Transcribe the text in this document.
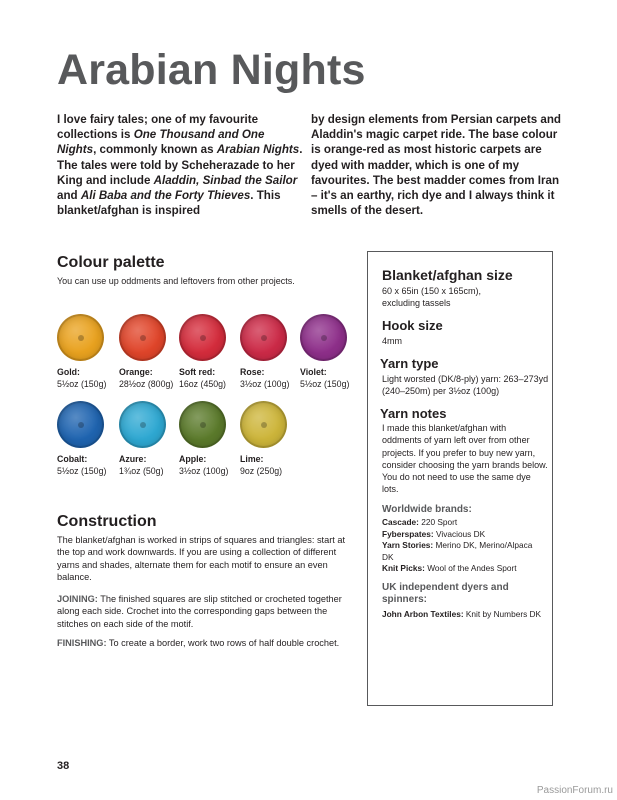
Arabian Nights

I love fairy tales; one of my favourite collections is One Thousand and One Nights, commonly known as Arabian Nights. The tales were told by Scheherazade to her King and include Aladdin, Sinbad the Sailor and Ali Baba and the Forty Thieves. This blanket/afghan is inspired

by design elements from Persian carpets and Aladdin's magic carpet ride. The base colour is orange-red as most historic carpets are dyed with madder, which is one of my favourites. The best madder comes from Iran – it's an earthy, rich dye and I always think it smells of the desert.

Colour palette
You can use up oddments and leftovers from other projects.
Gold:
5½oz (150g)
Orange:
28½oz (800g)
Soft red:
16oz (450g)
Rose:
3½oz (100g)
Violet:
5½oz (150g)
Cobalt:
5½oz (150g)
Azure:
1¾oz (50g)
Apple:
3½oz (100g)
Lime:
9oz (250g)
Construction
The blanket/afghan is worked in strips of squares and triangles: start at the top and work downwards. If you are using a collection of different yarns and shades, alternate them for each motif to ensure an even balance.
JOINING: The finished squares are slip stitched or crocheted together along each side. Crochet into the corresponding gaps between the stitches on each side of the motif.
FINISHING: To create a border, work two rows of half double crochet.
Blanket/afghan size
60 x 65in (150 x 165cm), excluding tassels
Hook size
4mm
Yarn type
Light worsted (DK/8-ply) yarn: 263–273yd (240–250m) per 3½oz (100g)
Yarn notes
I made this blanket/afghan with oddments of yarn left over from other projects. If you prefer to buy new yarn, consider choosing the yarn brands below. You do not need to use the same dye lots.
Worldwide brands:
Cascade: 220 Sport
Fyberspates: Vivacious DK
Yarn Stories: Merino DK, Merino/Alpaca DK
Knit Picks: Wool of the Andes Sport
UK independent dyers and spinners:
John Arbon Textiles: Knit by Numbers DK
38
PassionForum.ru
